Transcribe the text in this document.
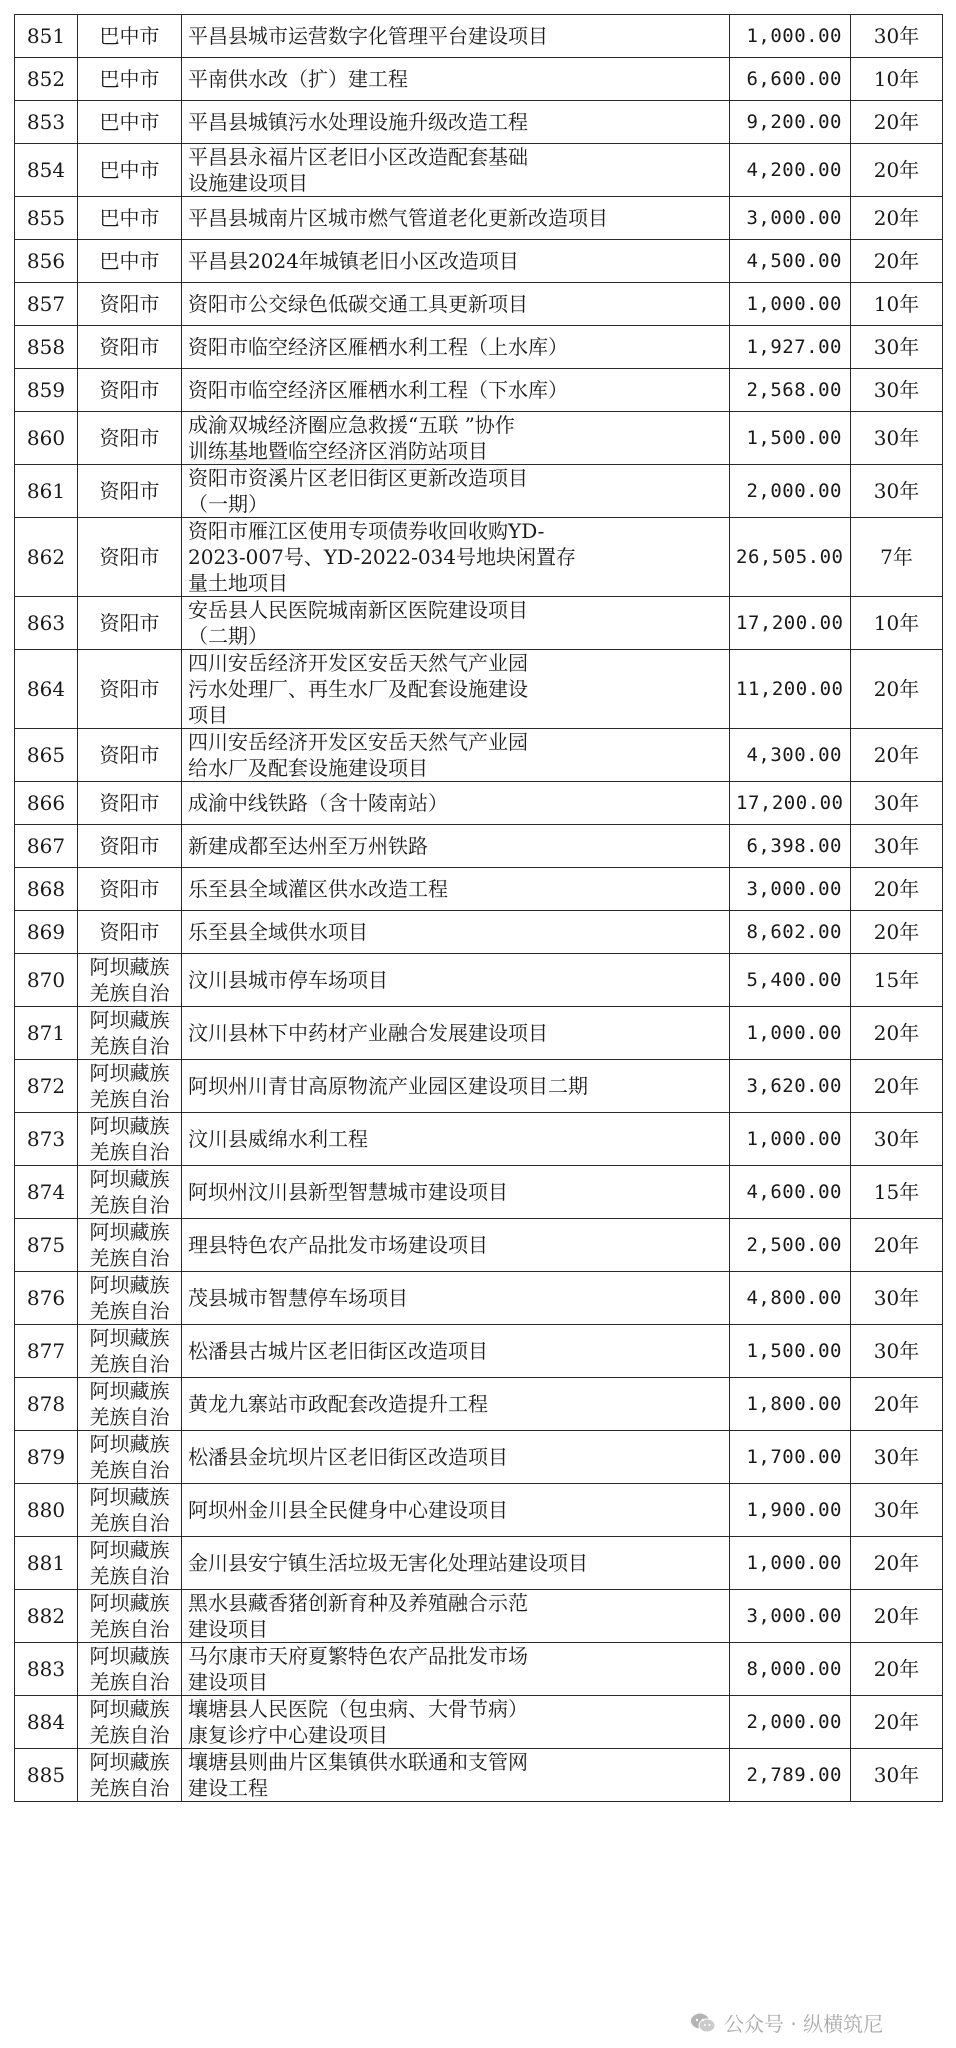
851	巴中市	平昌县城市运营数字化管理平台建设项目	1,000.00	30年
852	巴中市	平南供水改（扩）建工程	6,600.00	10年
853	巴中市	平昌县城镇污水处理设施升级改造工程	9,200.00	20年
854	巴中市	平昌县永福片区老旧小区改造配套基础
设施建设项目	4,200.00	20年
855	巴中市	平昌县城南片区城市燃气管道老化更新改造项目	3,000.00	20年
856	巴中市	平昌县2024年城镇老旧小区改造项目	4,500.00	20年
857	资阳市	资阳市公交绿色低碳交通工具更新项目	1,000.00	10年
858	资阳市	资阳市临空经济区雁栖水利工程（上水库）	1,927.00	30年
859	资阳市	资阳市临空经济区雁栖水利工程（下水库）	2,568.00	30年
860	资阳市	成渝双城经济圈应急救援“五联 ”协作
训练基地暨临空经济区消防站项目	1,500.00	30年
861	资阳市	资阳市资溪片区老旧街区更新改造项目
（一期）	2,000.00	30年
862	资阳市	资阳市雁江区使用专项债券收回收购YD-
2023-007号、YD-2022-034号地块闲置存
量土地项目	26,505.00	7年
863	资阳市	安岳县人民医院城南新区医院建设项目
（二期）	17,200.00	10年
864	资阳市	四川安岳经济开发区安岳天然气产业园
污水处理厂、再生水厂及配套设施建设
项目	11,200.00	20年
865	资阳市	四川安岳经济开发区安岳天然气产业园
给水厂及配套设施建设项目	4,300.00	20年
866	资阳市	成渝中线铁路（含十陵南站）	17,200.00	30年
867	资阳市	新建成都至达州至万州铁路	6,398.00	30年
868	资阳市	乐至县全域灌区供水改造工程	3,000.00	20年
869	资阳市	乐至县全域供水项目	8,602.00	20年
870	阿坝藏族
羌族自治	汶川县城市停车场项目	5,400.00	15年
871	阿坝藏族
羌族自治	汶川县林下中药材产业融合发展建设项目	1,000.00	20年
872	阿坝藏族
羌族自治	阿坝州川青甘高原物流产业园区建设项目二期	3,620.00	20年
873	阿坝藏族
羌族自治	汶川县威绵水利工程	1,000.00	30年
874	阿坝藏族
羌族自治	阿坝州汶川县新型智慧城市建设项目	4,600.00	15年
875	阿坝藏族
羌族自治	理县特色农产品批发市场建设项目	2,500.00	20年
876	阿坝藏族
羌族自治	茂县城市智慧停车场项目	4,800.00	30年
877	阿坝藏族
羌族自治	松潘县古城片区老旧街区改造项目	1,500.00	30年
878	阿坝藏族
羌族自治	黄龙九寨站市政配套改造提升工程	1,800.00	20年
879	阿坝藏族
羌族自治	松潘县金坑坝片区老旧街区改造项目	1,700.00	30年
880	阿坝藏族
羌族自治	阿坝州金川县全民健身中心建设项目	1,900.00	30年
881	阿坝藏族
羌族自治	金川县安宁镇生活垃圾无害化处理站建设项目	1,000.00	20年
882	阿坝藏族
羌族自治	黑水县藏香猪创新育种及养殖融合示范
建设项目	3,000.00	20年
883	阿坝藏族
羌族自治	马尔康市天府夏繁特色农产品批发市场
建设项目	8,000.00	20年
884	阿坝藏族
羌族自治	壤塘县人民医院（包虫病、大骨节病）
康复诊疗中心建设项目	2,000.00	20年
885	阿坝藏族
羌族自治	壤塘县则曲片区集镇供水联通和支管网
建设工程	2,789.00	30年
公众号 · 纵横筑尼
